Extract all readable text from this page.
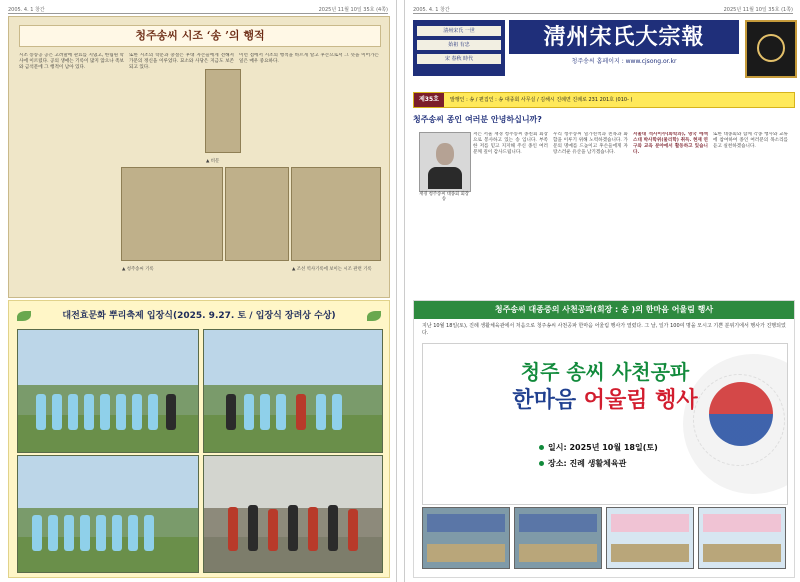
2005. 4. 1 창간	2025년 11월 10일 35호 (4쪽)
청주송씨 시조 ‘송 ’의 행적
시조 송송공 공은 고려말에 관료를 지냈고, 한림원 학사에 이르렀다. 공의 생애는 기록이 많지 않으나 족보와 금석문에 그 행적이 남아 있다.
또한 시조의 학문과 충절은 후대 자손들에게 전해져 가문의 정신을 이루었다. 묘소와 사당은 지금도 보존되고 있다.
이런 점에서 시조의 행적을 바르게 알고 후손으로서 그 뜻을 이어가는 일은 매우 중요하다.
▲ 비문
▲ 청주송씨 기록	▲ 조선 역사기록에 보이는 시조 관련 기록
대전효문화 뿌리축제 입장식(2025. 9.27. 토 / 입장식 장려상 수상)
2005. 4. 1 창간	2025년 11월 10일 35호 (1쪽)
淸州宋氏 一世
始祖 有忠
宋 春秋 時代
淸州宋氏大宗報
청주송씨 홈페이지 : www.cjsong.or.kr
제35호	발행인 : 송 / 편집인 : 송 대종회 사무실 / 김해시 진례면 진례로 231 201호 (010- )
청주송씨 종인 여러분 안녕하십니까?
재경 청주송씨 대종회 회장 송
저는 서울 재경 청주송씨 종친회 회장으로 봉사하고 있는 송 입니다. 부족한 저를 믿고 지지해 주신 종인 여러분께 깊이 감사드립니다.
우리 청주송씨 일가친척과 친목과 화합을 이루기 위해 노력하겠습니다. 가문의 명예를 드높이고 후손들에게 자랑스러운 유산을 남기겠습니다.
서울대 석사이수(화학과), 영국 에섹스대 박사학위(물리학) 취득. 현재 연구와 교육 분야에서 활동하고 있습니다.
또한 대종회와 함께 각종 행사와 교류에 참여하여 종인 여러분의 목소리를 듣고 실천하겠습니다.
청주송씨 대종중의 사천공파(회장 : 송 )의 한마음 어울림 행사
지난 10월 18일(토), 진례 생활체육관에서 처음으로 청주송씨 사천공파 한마음 어울림 행사가 열렸다. 그 날, 일가 100여 명을 모시고 기쁜 분위기에서 행사가 진행되었다.
청주 송씨 사천공파
한마음 어울림 행사
일시: 2025년 10월 18일(토)
장소: 진례 생활체육관
